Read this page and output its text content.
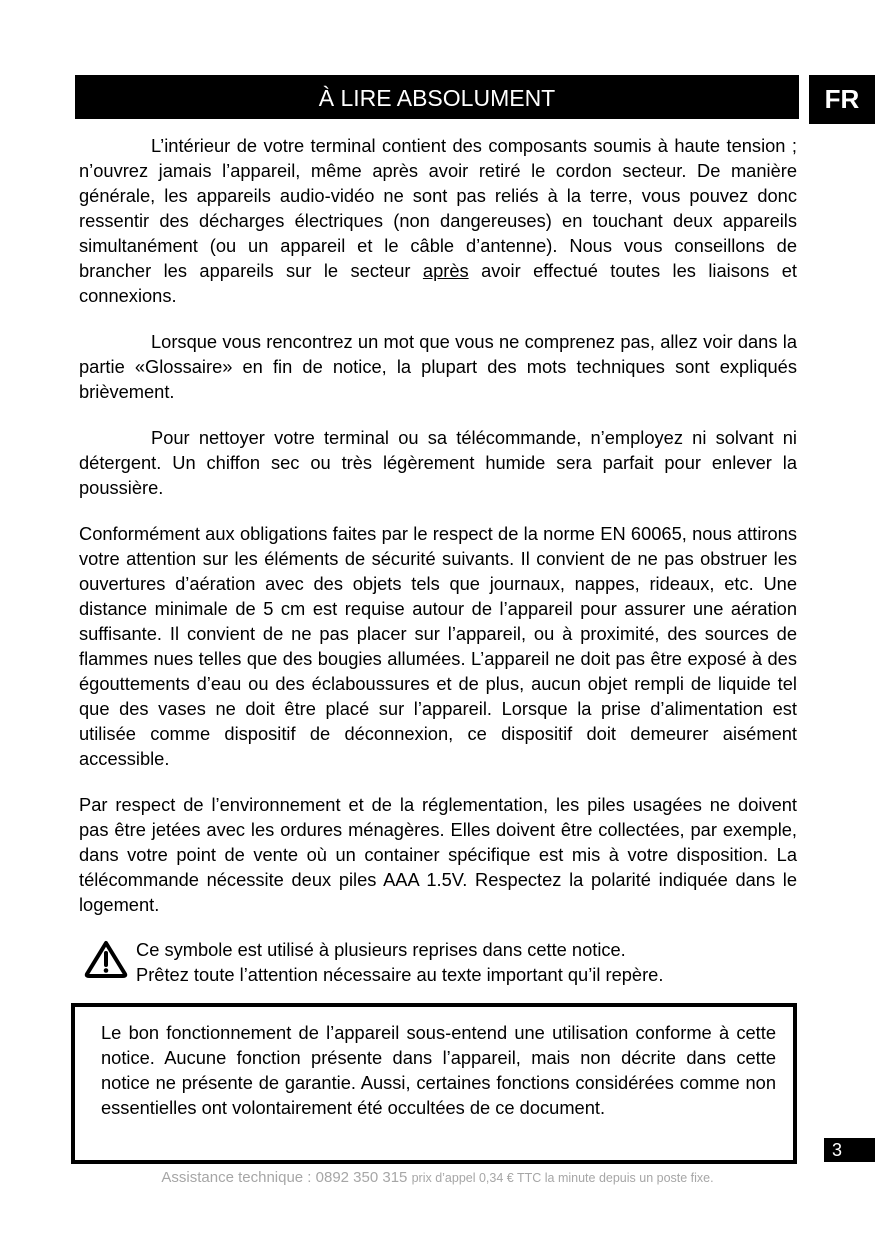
À LIRE ABSOLUMENT	FR

L’intérieur de votre terminal contient des composants soumis à haute tension ; n’ouvrez jamais l’appareil, même après avoir retiré le cordon secteur. De manière générale, les appareils audio-vidéo ne sont pas reliés à la terre, vous pouvez donc ressentir des décharges électriques (non dangereuses) en touchant deux appareils simultanément (ou un appareil et le câble d’antenne). Nous vous conseillons de brancher les appareils sur le secteur après avoir effectué toutes les liaisons et connexions.

Lorsque vous rencontrez un mot que vous ne comprenez pas, allez voir dans la partie «Glossaire» en fin de notice, la plupart des mots techniques sont expliqués brièvement.

Pour nettoyer votre terminal ou sa télécommande, n’employez ni solvant ni détergent. Un chiffon sec ou très légèrement humide sera parfait pour enlever la poussière.

Conformément aux obligations faites par le respect de la norme EN 60065, nous attirons votre attention sur les éléments de sécurité suivants. Il convient de ne pas obstruer les ouvertures d’aération avec des objets tels que journaux, nappes, rideaux, etc. Une distance minimale de 5 cm est requise autour de l’appareil pour assurer une aération suffisante. Il convient de ne pas placer sur l’appareil, ou à proximité, des sources de flammes nues telles que des bougies allumées. L’appareil ne doit pas être exposé à des égouttements d’eau ou des éclaboussures et de plus, aucun objet rempli de liquide tel que des vases ne doit être placé sur l’appareil. Lorsque la prise d’alimentation est utilisée comme dispositif de déconnexion, ce dispositif doit demeurer aisément accessible.

Par respect de l’environnement et de la réglementation, les piles usagées ne doivent pas être jetées avec les ordures ménagères. Elles doivent être collectées, par exemple, dans votre point de vente où un container spécifique est mis à votre disposition. La télécommande nécessite deux piles AAA 1.5V. Respectez la polarité indiquée dans le logement.

Ce symbole est utilisé à plusieurs reprises dans cette notice.
Prêtez toute l’attention nécessaire au texte important qu’il repère.

Le bon fonctionnement de l’appareil sous-entend une utilisation conforme à cette notice. Aucune fonction présente dans l’appareil, mais non décrite dans cette notice ne présente de garantie. Aussi, certaines fonctions considérées comme non essentielles ont volontairement été occultées de ce document.

3
Assistance technique : 0892 350 315 prix d’appel 0,34 € TTC la minute depuis un poste fixe.
